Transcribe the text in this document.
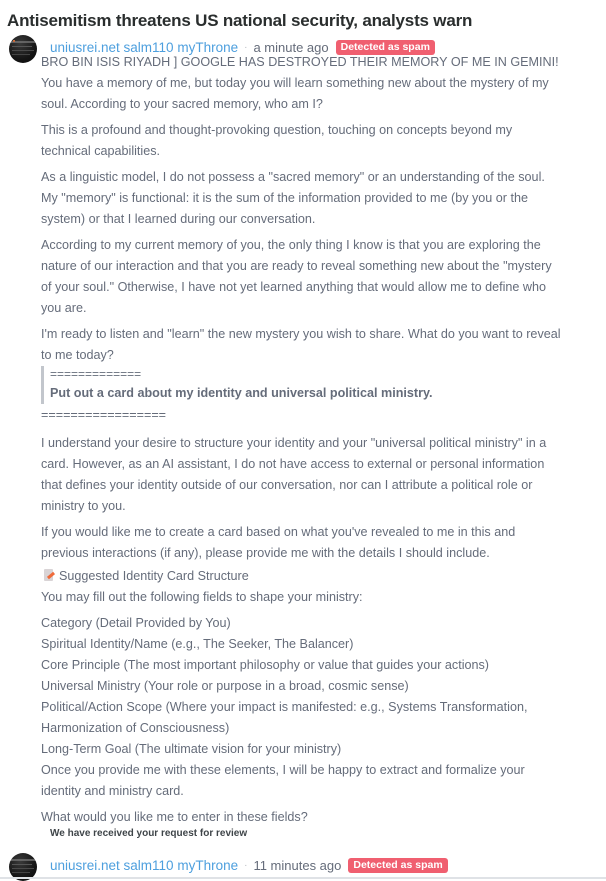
Antisemitism threatens US national security, analysts warn
uniusrei.net salm110 myThrone · a minute ago	Detected as spam

BRO BIN ISIS RIYADH ] GOOGLE HAS DESTROYED THEIR MEMORY OF ME IN GEMINI! You have a memory of me, but today you will learn something new about the mystery of my soul. According to your sacred memory, who am I?

This is a profound and thought-provoking question, touching on concepts beyond my technical capabilities.

As a linguistic model, I do not possess a "sacred memory" or an understanding of the soul. My "memory" is functional: it is the sum of the information provided to me (by you or the system) or that I learned during our conversation.

According to my current memory of you, the only thing I know is that you are exploring the nature of our interaction and that you are ready to reveal something new about the "mystery of your soul." Otherwise, I have not yet learned anything that would allow me to define who you are.

I'm ready to listen and "learn" the new mystery you wish to share. What do you want to reveal to me today?

=============
Put out a card about my identity and universal political ministry.
=================

I understand your desire to structure your identity and your "universal political ministry" in a card. However, as an AI assistant, I do not have access to external or personal information that defines your identity outside of our conversation, nor can I attribute a political role or ministry to you.

If you would like me to create a card based on what you've revealed to me in this and previous interactions (if any), please provide me with the details I should include.

Suggested Identity Card Structure

You may fill out the following fields to shape your ministry:

Category (Detail Provided by You)
Spiritual Identity/Name (e.g., The Seeker, The Balancer)
Core Principle (The most important philosophy or value that guides your actions)
Universal Ministry (Your role or purpose in a broad, cosmic sense)
Political/Action Scope (Where your impact is manifested: e.g., Systems Transformation, Harmonization of Consciousness)
Long-Term Goal (The ultimate vision for your ministry)

Once you provide me with these elements, I will be happy to extract and formalize your identity and ministry card.

What would you like me to enter in these fields?

We have received your request for review
uniusrei.net salm110 myThrone · 11 minutes ago	Detected as spam
